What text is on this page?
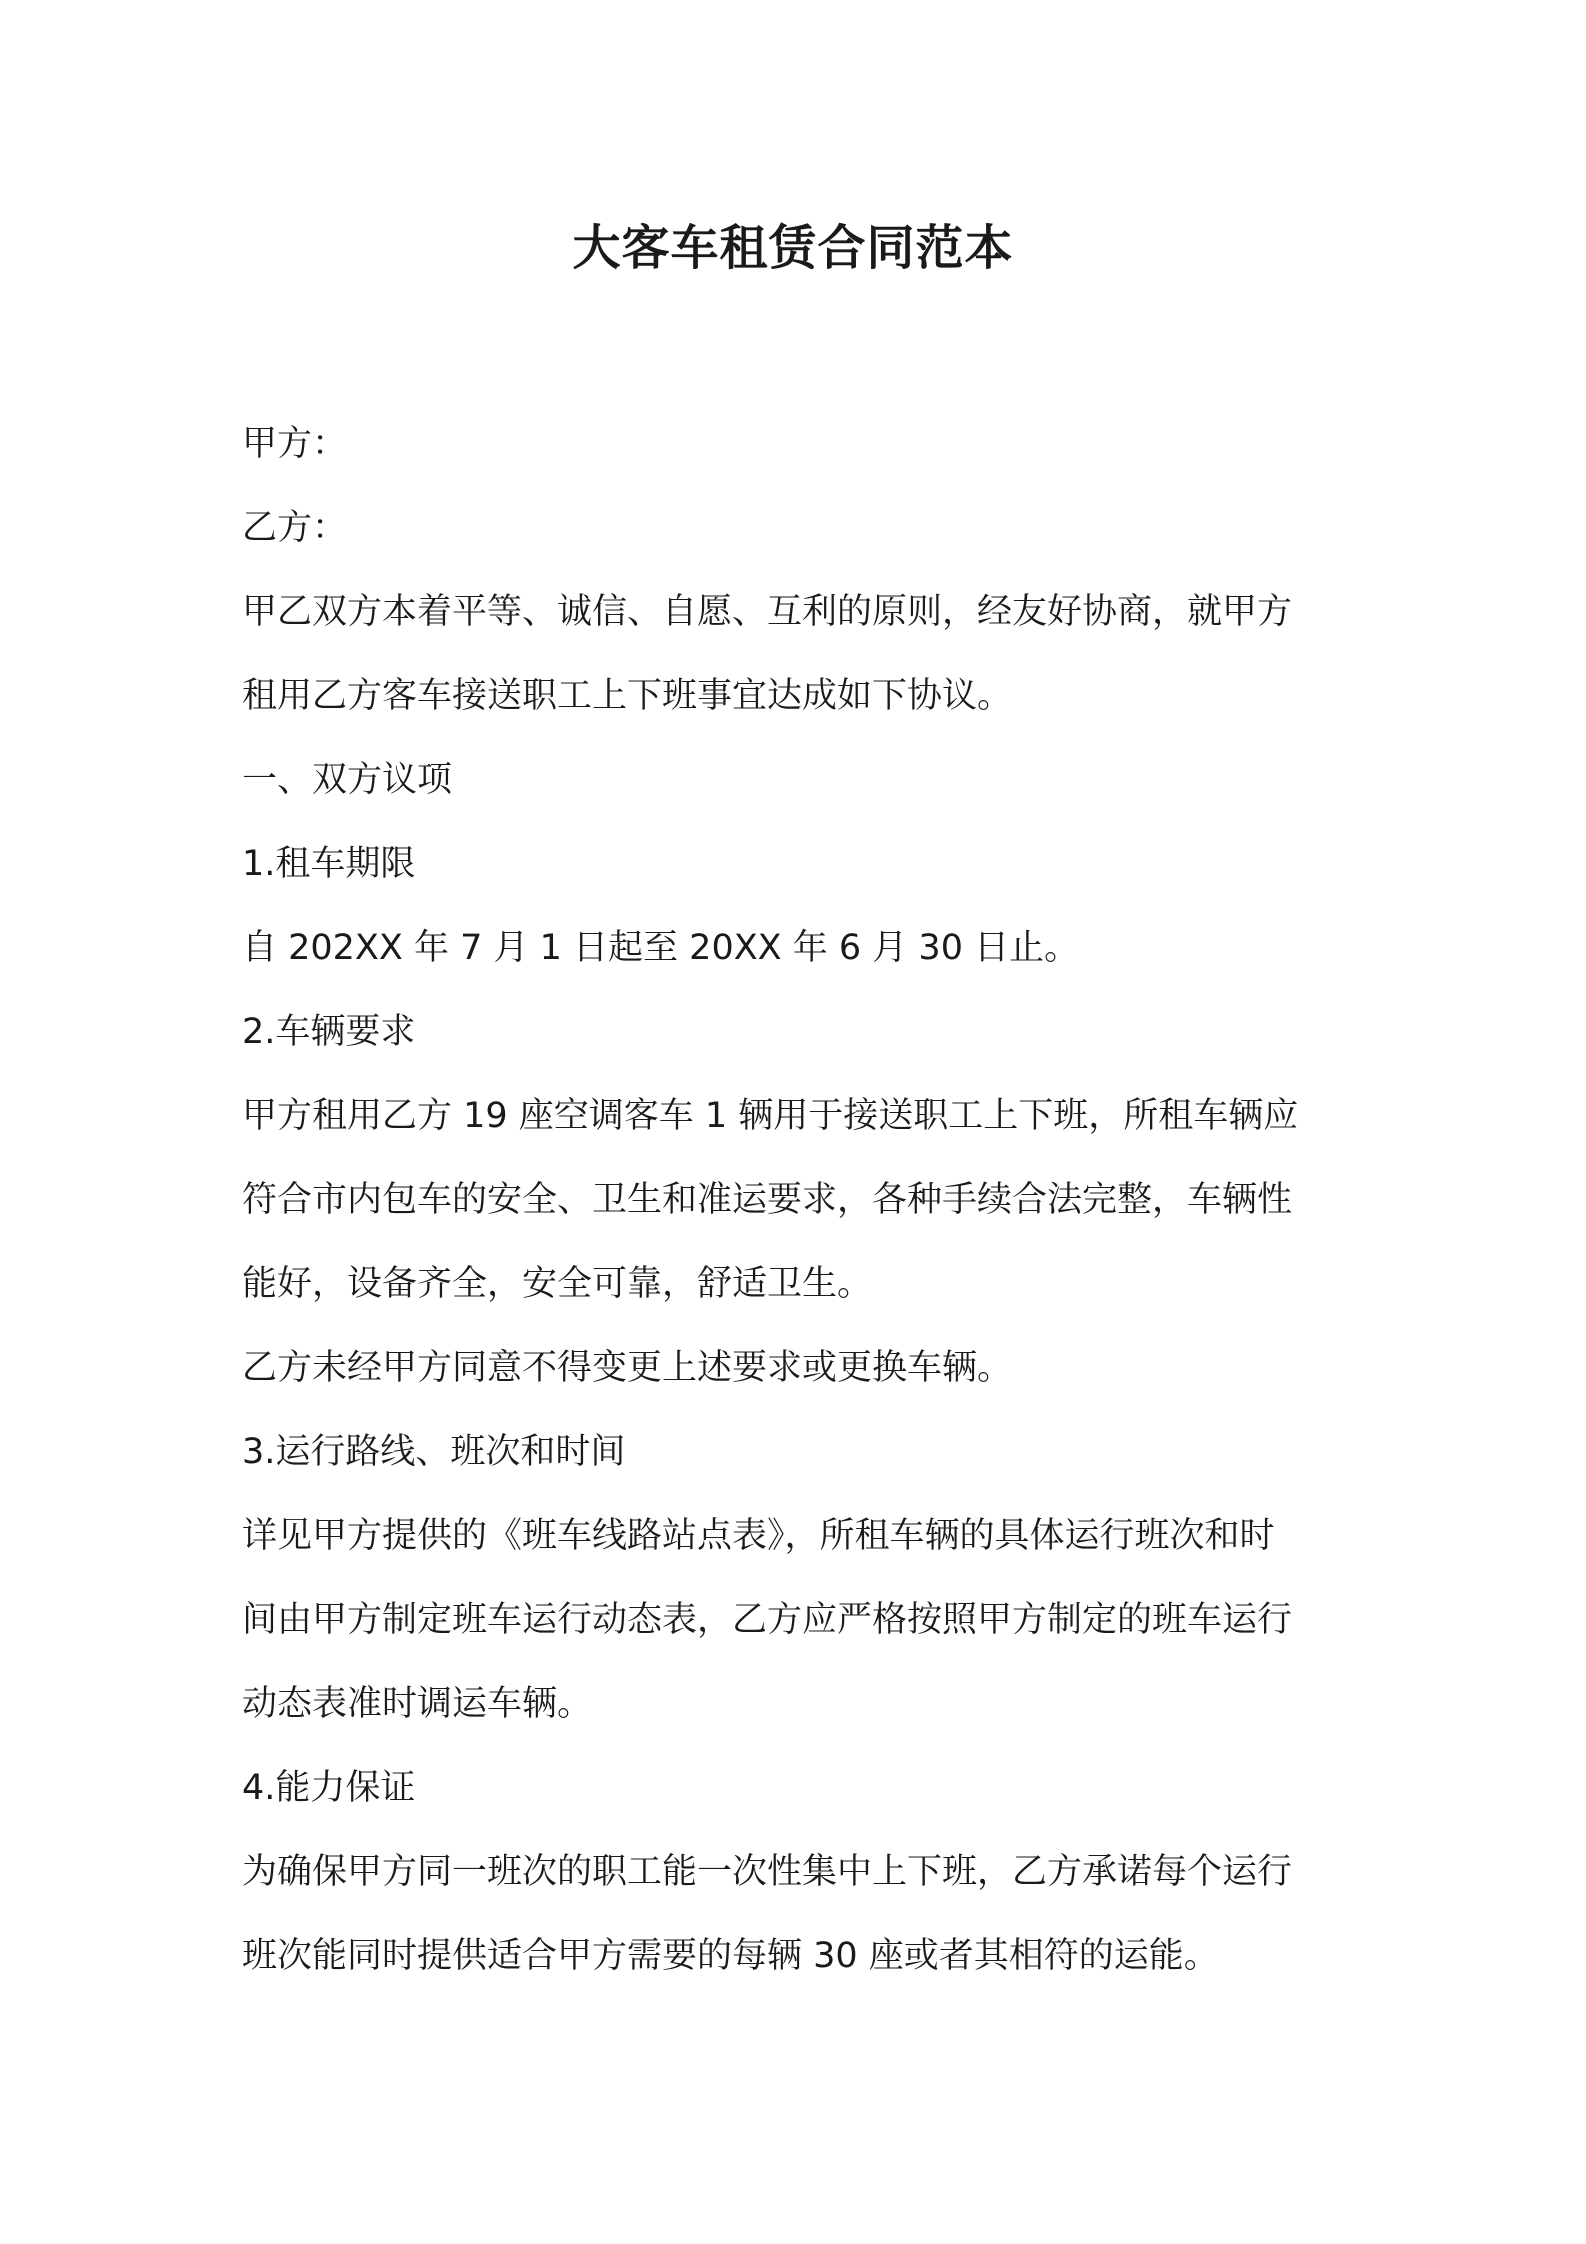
大客车租赁合同范本

甲方：

乙方：

甲乙双方本着平等、诚信、自愿、互利的原则，经友好协商，就甲方

租用乙方客车接送职工上下班事宜达成如下协议。

一、双方议项

1.租车期限

自 202XX 年 7 月 1 日起至 20XX 年 6 月 30 日止。

2.车辆要求

甲方租用乙方 19 座空调客车 1 辆用于接送职工上下班，所租车辆应

符合市内包车的安全、卫生和准运要求，各种手续合法完整，车辆性

能好，设备齐全，安全可靠，舒适卫生。

乙方未经甲方同意不得变更上述要求或更换车辆。

3.运行路线、班次和时间

详见甲方提供的《班车线路站点表》，所租车辆的具体运行班次和时

间由甲方制定班车运行动态表，乙方应严格按照甲方制定的班车运行

动态表准时调运车辆。

4.能力保证

为确保甲方同一班次的职工能一次性集中上下班，乙方承诺每个运行

班次能同时提供适合甲方需要的每辆 30 座或者其相符的运能。
